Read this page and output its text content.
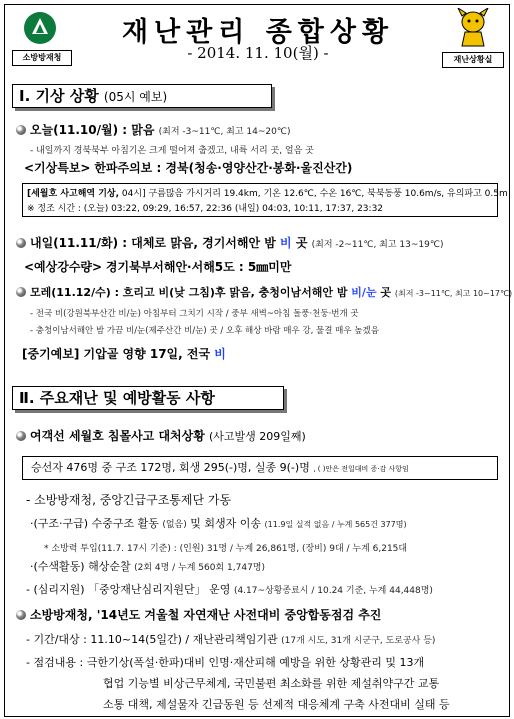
소방방재청
재난관리 종합상황
- 2014. 11. 10(월) -	재난상황실
Ⅰ. 기상 상황 (05시 예보)
오늘(11.10/월) : 맑음 (최저 -3~11℃, 최고 14~20℃)
- 내일까지 경북북부 아침기온 크게 떨어져 춥겠고, 내륙 서리 곳, 얼음 곳
<기상특보> 한파주의보 : 경북(청송·영양산간·봉화·울진산간)
[세월호 사고해역 기상, 04시] 구름많음 가시거리 19.4km, 기온 12.6℃, 수온 16℃, 북북동풍 10.6m/s, 유의파고 0.5m
※ 정조 시간 : (오늘) 03:22, 09:29, 16:57, 22:36 (내일) 04:03, 10:11, 17:37, 23:32
내일(11.11/화) : 대체로 맑음, 경기서해안 밤 비 곳 (최저 -2~11℃, 최고 13~19℃)
<예상강수량> 경기북부서해안·서해5도 : 5㎜미만
모레(11.12/수) : 흐리고 비(낮 그침)후 맑음, 충청이남서해안 밤 비/눈 곳 (최저 -3~11℃, 최고 10~17℃)
- 전국 비(강원북부산간 비/눈) 아침부터 그치기 시작 / 중부 새벽~아침 돌풍·천둥·번개 곳
- 충청이남서해안 밤 가끔 비/눈(제주산간 비/눈) 곳 / 오후 해상 바람 매우 강, 물결 매우 높겠음
[중기예보] 기압골 영향 17일, 전국 비
Ⅱ. 주요재난 및 예방활동 사항
여객선 세월호 침몰사고 대처상황 (사고발생 209일째)
승선자 476명 중 구조 172명, 회생 295(-)명, 실종 9(-)명 , ( )안은 전일대비 증·감 사항임
- 소방방재청, 중앙긴급구조통제단 가동
·(구조·구급) 수중구조 활동 (없음) 및 회생자 이송 (11.9일 실적 없음 / 누계 565건 377명)
* 소방력 투입(11.7. 17시 기준) : (인원) 31명 / 누계 26,861명, (장비) 9대 / 누계 6,215대
·(수색활동) 해상순찰 (2회 4명 / 누계 560회 1,747명)
- (심리지원) 「중앙재난심리지원단」 운영 (4.17~상황종료시 / 10.24 기준, 누계 44,448명)
소방방재청, '14년도 겨울철 자연재난 사전대비 중앙합동점검 추진
- 기간/대상 : 11.10~14(5일간) / 재난관리책임기관 (17개 시도, 31개 시군구, 도로공사 등)
- 점검내용 : 극한기상(폭설·한파)대비 인명·재산피해 예방을 위한 상황관리 및 13개
협업 기능별 비상근무체계, 국민불편 최소화를 위한 제설취약구간 교통
소통 대책, 제설물자 긴급동원 등 선제적 대응체계 구축 사전대비 실태 등
